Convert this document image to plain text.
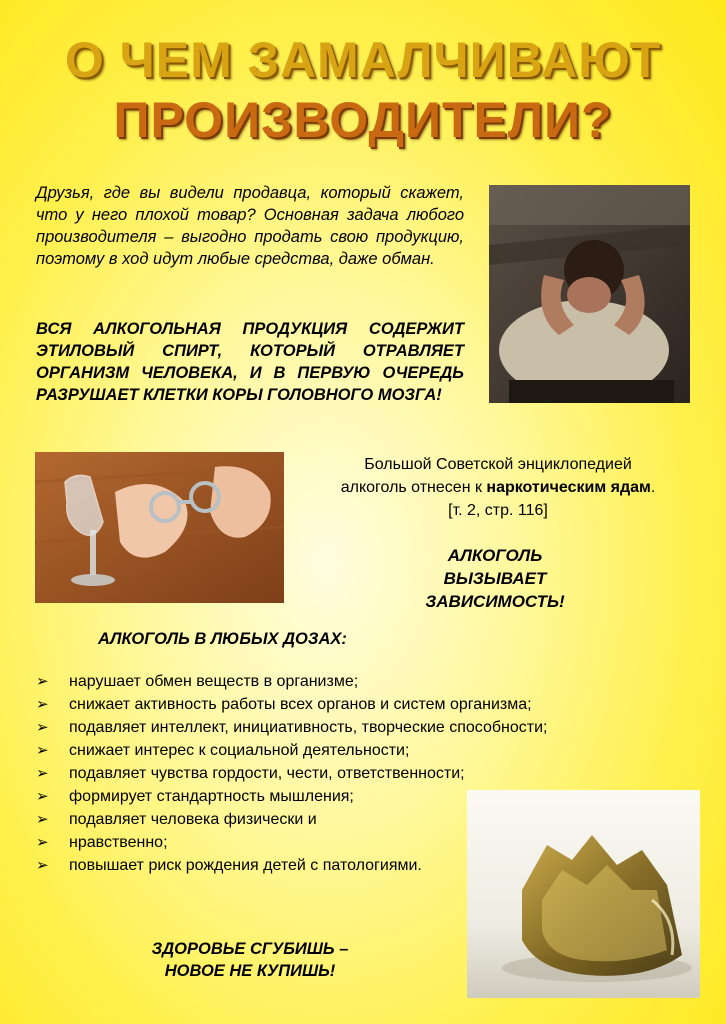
О ЧЕМ ЗАМАЛЧИВАЮТ
ПРОИЗВОДИТЕЛИ?
Друзья, где вы видели продавца, который скажет, что у него плохой товар? Основная задача любого производителя – выгодно продать свою продукцию, поэтому в ход идут любые средства, даже обман.
ВСЯ АЛКОГОЛЬНАЯ ПРОДУКЦИЯ СОДЕРЖИТ ЭТИЛОВЫЙ СПИРТ, КОТОРЫЙ ОТРАВЛЯЕТ ОРГАНИЗМ ЧЕЛОВЕКА, И В ПЕРВУЮ ОЧЕРЕДЬ РАЗРУШАЕТ КЛЕТКИ КОРЫ ГОЛОВНОГО МОЗГА!
Большой Советской энциклопедией
алкоголь отнесен к наркотическим ядам.
[т. 2, стр. 116]
АЛКОГОЛЬ
ВЫЗЫВАЕТ
ЗАВИСИМОСТЬ!
АЛКОГОЛЬ В ЛЮБЫХ ДОЗАХ:
➢ нарушает обмен веществ в организме;
➢ снижает активность работы всех органов и систем организма;
➢ подавляет интеллект, инициативность, творческие способности;
➢ снижает интерес к социальной деятельности;
➢ подавляет чувства гордости, чести, ответственности;
➢ формирует стандартность мышления;
➢ подавляет человека физически и
➢ нравственно;
➢ повышает риск рождения детей с патологиями.
ЗДОРОВЬЕ СГУБИШЬ –
НОВОЕ НЕ КУПИШЬ!
